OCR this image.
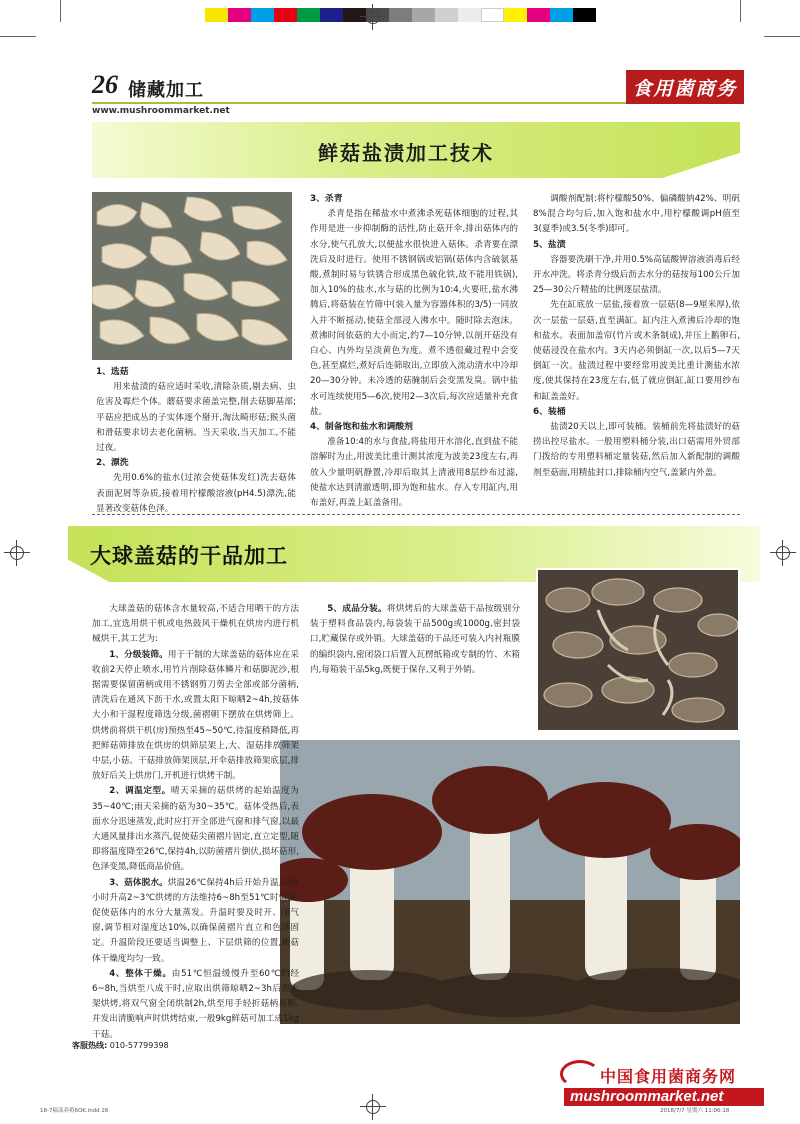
26 储藏加工
www.mushroommarket.net
食用菌商务
鲜菇盐渍加工技术
1、选菇

用来盐渍的菇应适时采收,清除杂质,剔去病、虫危害及霉烂个体。蘑菇要求菌盖完整,削去菇脚基部;平菇应把成丛的子实体逐个掰开,淘汰畸形菇;猴头菌和滑菇要求切去老化菌柄。当天采收,当天加工,不能过夜。

2、漂洗

先用0.6%的盐水(过浓会使菇体发红)洗去菇体表面泥屑等杂质,接着用柠檬酸溶液(pH4.5)漂洗,能显著改变菇体色泽。

3、杀青

杀青是指在稀盐水中煮沸杀死菇体细胞的过程,其作用是进一步抑制酶的活性,防止菇开伞,排出菇体内的水分,使气孔放大,以便盐水很快进入菇体。杀青要在漂洗后及时进行。使用不锈钢锅或铝锅(菇体内含硫氨基酸,煮制时易与铁锈合形成黑色硫化铁,故不能用铁锅),加入10%的盐水,水与菇的比例为10:4,火要旺,盐水沸腾后,将菇装在竹筛中(装入量为容器体积的3/5)一同放入并不断摇动,使菇全部浸入沸水中。随时除去泡沫。煮沸时间依菇的大小而定,约7—10分钟,以剖开菇没有白心、内外均呈淡黄色为度。煮不透很藏过程中会变色,甚至腐烂,煮好后连筛取出,立即放入流动清水中冷却20—30分钟。未冷透的菇腌制后会变黑发臭。锅中盐水可连续使用5—6次,使用2—3次后,每次应适量补充食盐。

4、制备饱和盐水和调酸剂

准备10:4的水与食盐,将盐用开水溶化,直到盐不能溶解时为止,用波美比重计测其浓度为波美23度左右,再放入少量明矾静置,冷却后取其上清液用8层纱布过滤,使盐水达到清澈透明,即为饱和盐水。存入专用缸内,用布盖好,再盖上缸盖备用。

调酸剂配制:将柠檬酸50%、偏磷酸钠42%、明矾8%混合均匀后,加入饱和盐水中,用柠檬酸调pH值至3(夏季)或3.5(冬季)即可。

5、盐渍

容器要洗刷干净,并用0.5%高锰酸钾溶液消毒后经开水冲洗。将杀青分级后沥去水分的菇按每100公斤加25—30公斤精盐的比例逐层盐渍。

先在缸底放一层盐,接着放一层菇(8—9厘米厚),依次一层盐一层菇,直至满缸。缸内注入煮沸后冷却的饱和盐水。表面加盖帘(竹片或木条制成),并压上鹅卵石,使菇浸没在盐水内。3天内必须倒缸一次,以后5—7天倒缸一次。盐渍过程中要经常用波美比重计测盐水浓度,使其保持在23度左右,低了就应倒缸,缸口要用纱布和缸盖盖好。

6、装桶

盐渍20天以上,即可装桶。装桶前先将盐渍好的菇捞出控尽盐水。一般用塑料桶分装,出口菇需用外贸部门拨给的专用塑料桶定量装菇,然后加入新配制的调酸剂至菇面,用精盐封口,排除桶内空气,盖紧内外盖。

大球盖菇的干品加工

大球盖菇的菇体含水量较高,不适合用晒干的方法加工,宜选用烘干机或电热鼓风干燥机在烘房内进行机械烘干,其工艺为:

1、分级装筛。用于干制的大球盖菇的菇体应在采收前2天停止喷水,用竹片削除菇体鳞片和菇脚泥沙,根据需要保留菌柄或用不锈钢剪刀剪去全部或部分菌柄,清洗后在通风下沥干水,或置太阳下晾晒2~4h,按菇体大小和干湿程度筛选分级,菌褶朝下摆放在烘烤筛上。烘烤前将烘干机(房)预热至45~50℃,待温度稍降低,再把鲜菇筛排放在烘房的烘筛层架上,大、湿菇排放筛架中层,小菇、干菇排放筛架顶层,开伞菇排放筛架底层,排放好后关上烘房门,开机进行烘烤干制。

2、调温定型。晴天采摘的菇烘烤的起始温度为35~40℃;雨天采摘的菇为30~35℃。菇体受热后,表面水分迅速蒸发,此时应打开全部进气窗和排气窗,以最大通风量排出水蒸汽,促使菇尖菌褶片固定,直立定型,随即将温度降至26℃,保持4h,以防菌褶片倒伏,损坏菇形,色泽变黑,降低商品价值。

3、菇体脱水。烘温26℃保持4h后开始升温,以每小时升高2~3℃烘烤的方法维持6~8h至51℃时恒温,促使菇体内的水分大量蒸发。升温时要及时开、闭气窗,调节相对湿度达10%,以确保菌褶片直立和色泽固定。升温阶段还要适当调整上、下层烘筛的位置,使菇体干燥度均匀一致。

4、整体干燥。由51℃恒温缓慢升至60℃约经6~8h,当烘至八成干时,应取出烘筛晾晒2~3h后再上架烘烤,将双气窗全闭烘制2h,烘至用手轻折菇柄易断,并发出清脆响声时烘烤结束,一般9kg鲜菇可加工成1kg干菇。

5、成品分装。将烘烤后的大球盖菇干品按级别分装于塑料食品袋内,每袋装干品500g或1000g,密封袋口,贮藏保存或外销。大球盖菇的干品还可装入内衬瓶膜的编织袋内,密闭袋口后置入瓦楞纸箱或专制的竹、木箱内,每箱装干品5kg,既便于保存,又利于外销。

客服热线: 010-57799398
中国食用菌商务网
mushroommarket.net
18-7稿部养殖6OK.indd 26	2018/7/7 星期六 11:06:18
